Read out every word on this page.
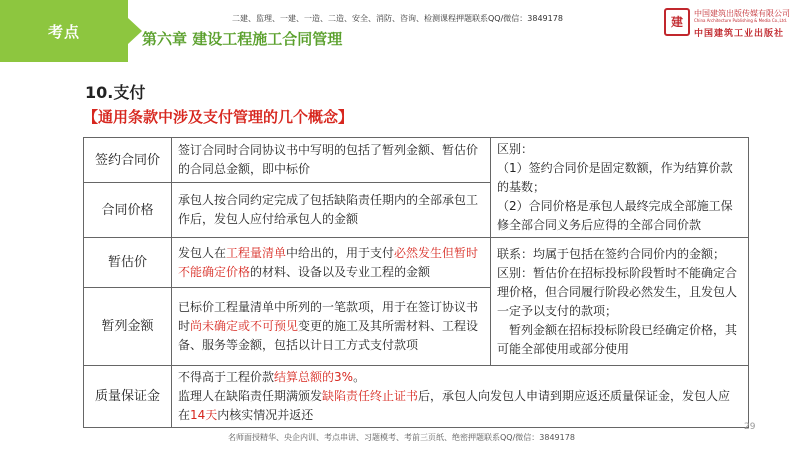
考点
二建、监理、一建、一造、二造、安全、消防、咨询、检测课程押题联系QQ/微信：3849178
第六章 建设工程施工合同管理
建
中国建筑出版传媒有限公司
China Architecture Publishing & Media Co.,Ltd.
中国建筑工业出版社
10.支付
【通用条款中涉及支付管理的几个概念】
签约合同价	签订合同时合同协议书中写明的包括了暂列金额、暂估价的合同总金额，即中标价	区别：
（1）签约合同价是固定数额，作为结算价款的基数；
（2）合同价格是承包人最终完成全部施工保修全部合同义务后应得的全部合同价款

合同价格	承包人按合同约定完成了包括缺陷责任期内的全部承包工作后，发包人应付给承包人的金额	
暂估价	发包人在工程量清单中给出的，用于支付必然发生但暂时不能确定价格的材料、设备以及专业工程的金额	联系：均属于包括在签约合同价内的金额；
区别：暂估价在招标投标阶段暂时不能确定合理价格，但合同履行阶段必然发生，且发包人一定予以支付的款项；
暂列金额在招标投标阶段已经确定价格，其可能全部使用或部分使用

暂列金额	已标价工程量清单中所列的一笔款项，用于在签订协议书时尚未确定或不可预见变更的施工及其所需材料、工程设备、服务等金额，包括以计日工方式支付款项	
质量保证金	不得高于工程价款结算总额的3%。
监理人在缺陷责任期满颁发缺陷责任终止证书后，承包人向发包人申请到期应返还质量保证金，发包人应在14天内核实情况并返还	
29
名师面授精华、央企内训、考点串讲、习题模考、考前三页纸、绝密押题联系QQ/微信：3849178
